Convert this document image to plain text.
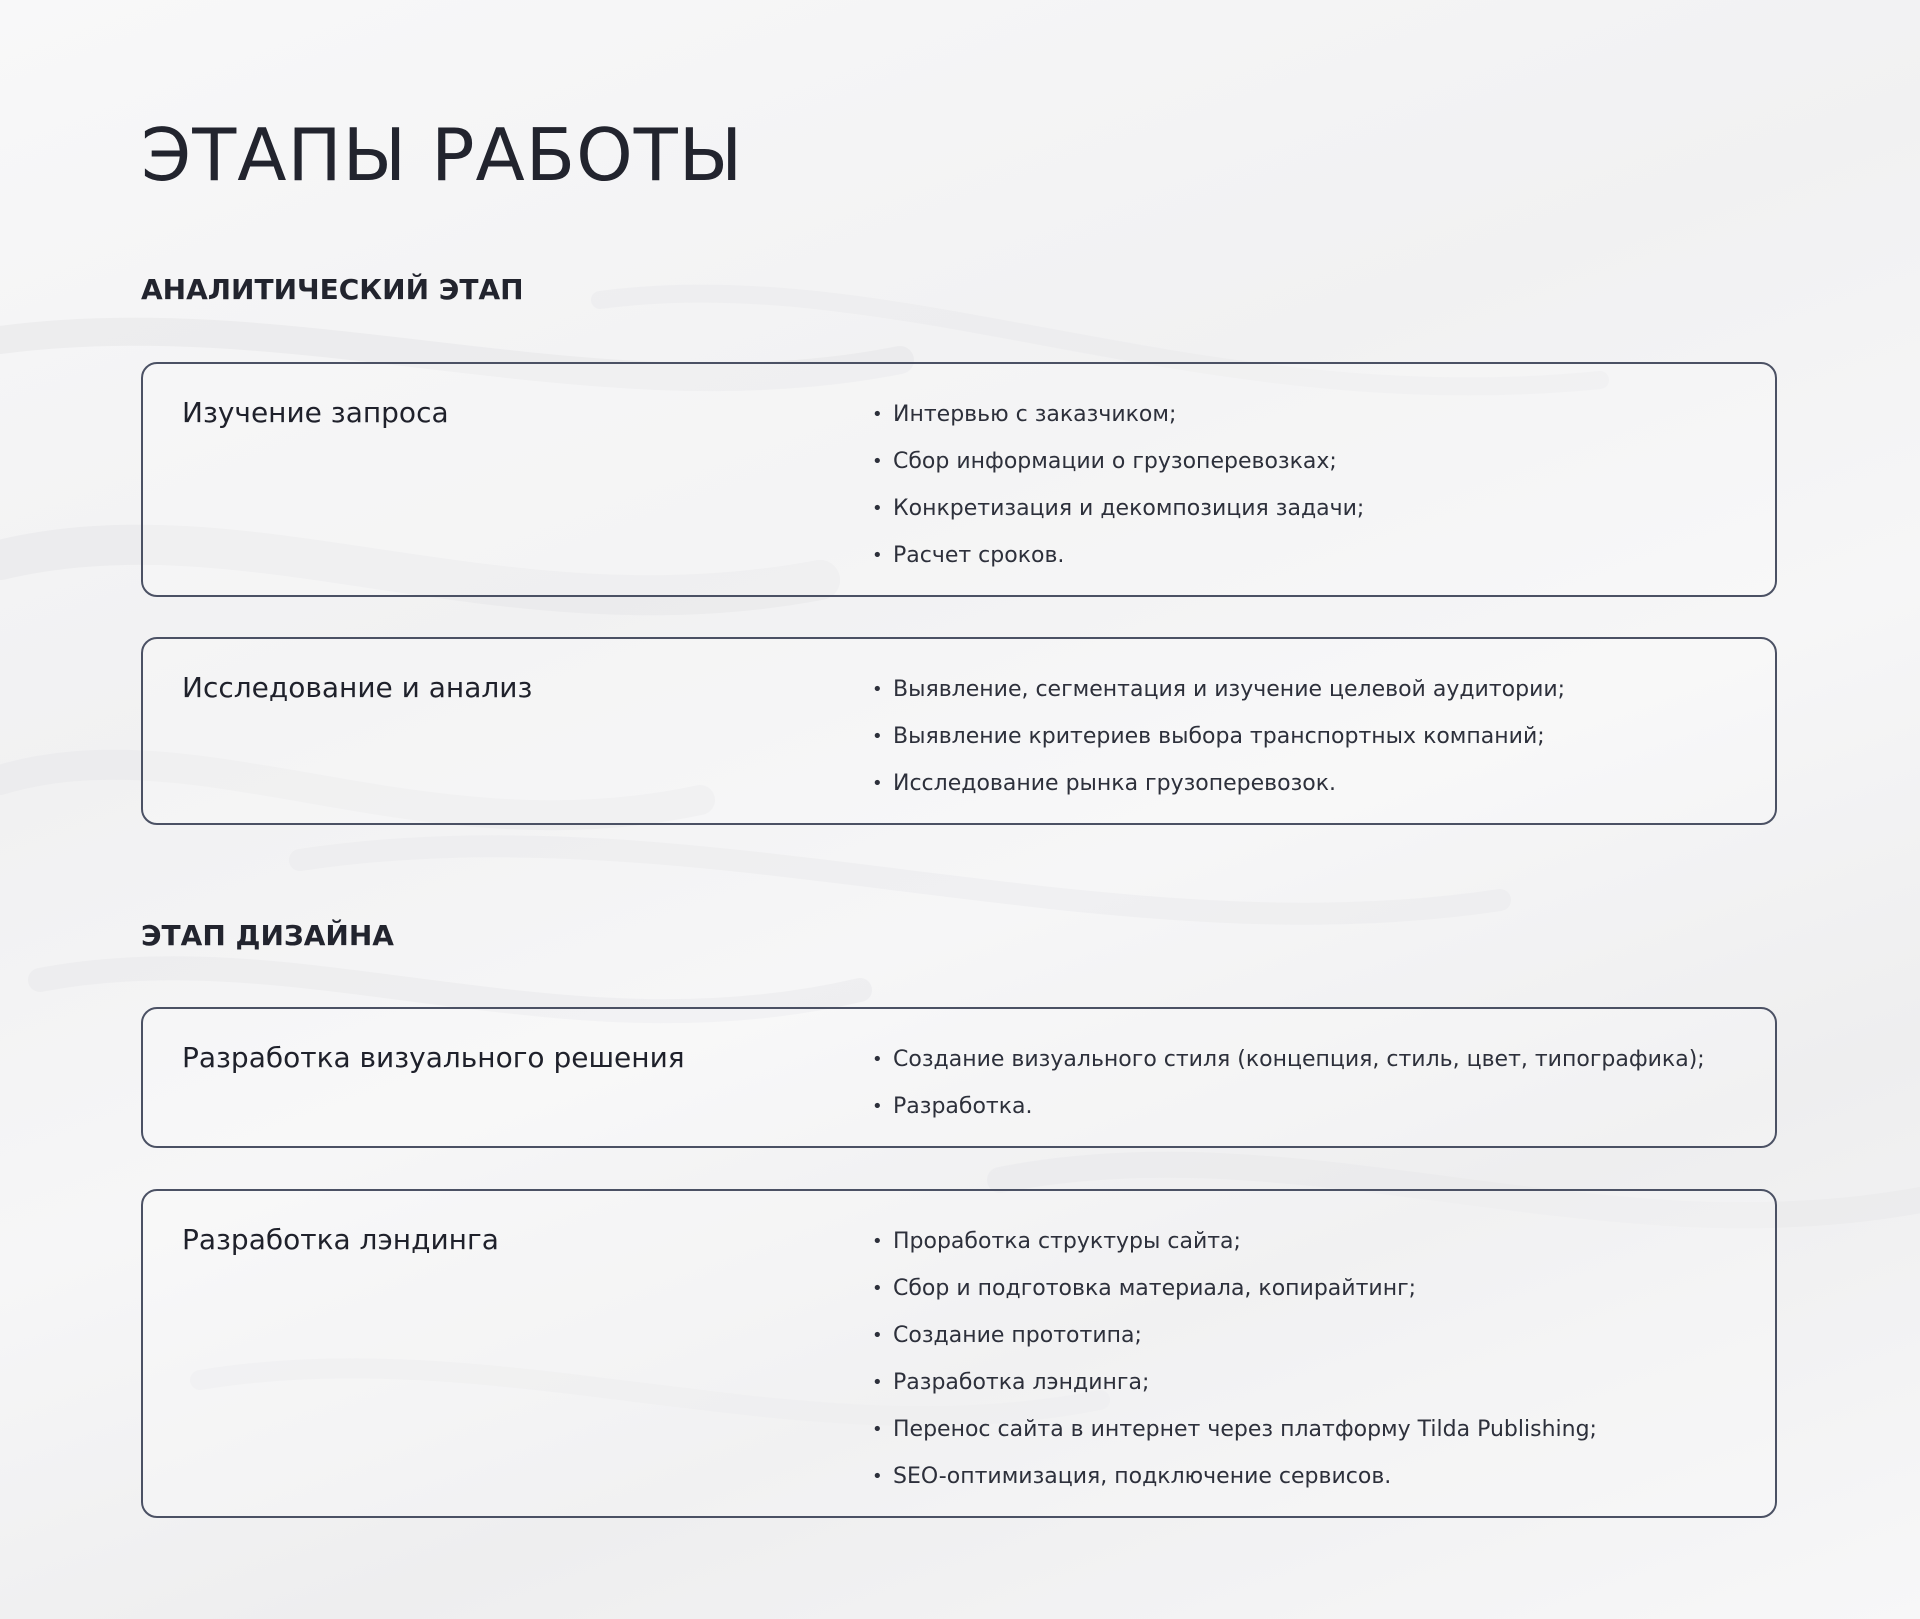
ЭТАПЫ РАБОТЫ
АНАЛИТИЧЕСКИЙ ЭТАП
Изучение запроса	• Интервью с заказчиком;
• Сбор информации о грузоперевозках;
• Конкретизация и декомпозиция задачи;
• Расчет сроков.
Исследование и анализ	• Выявление, сегментация и изучение целевой аудитории;
• Выявление критериев выбора транспортных компаний;
• Исследование рынка грузоперевозок.
ЭТАП ДИЗАЙНА
Разработка визуального решения	• Создание визуального стиля (концепция, стиль, цвет, типографика);
• Разработка.
Разработка лэндинга	• Проработка структуры сайта;
• Сбор и подготовка материала, копирайтинг;
• Создание прототипа;
• Разработка лэндинга;
• Перенос сайта в интернет через платформу Tilda Publishing;
• SEO-оптимизация, подключение сервисов.
